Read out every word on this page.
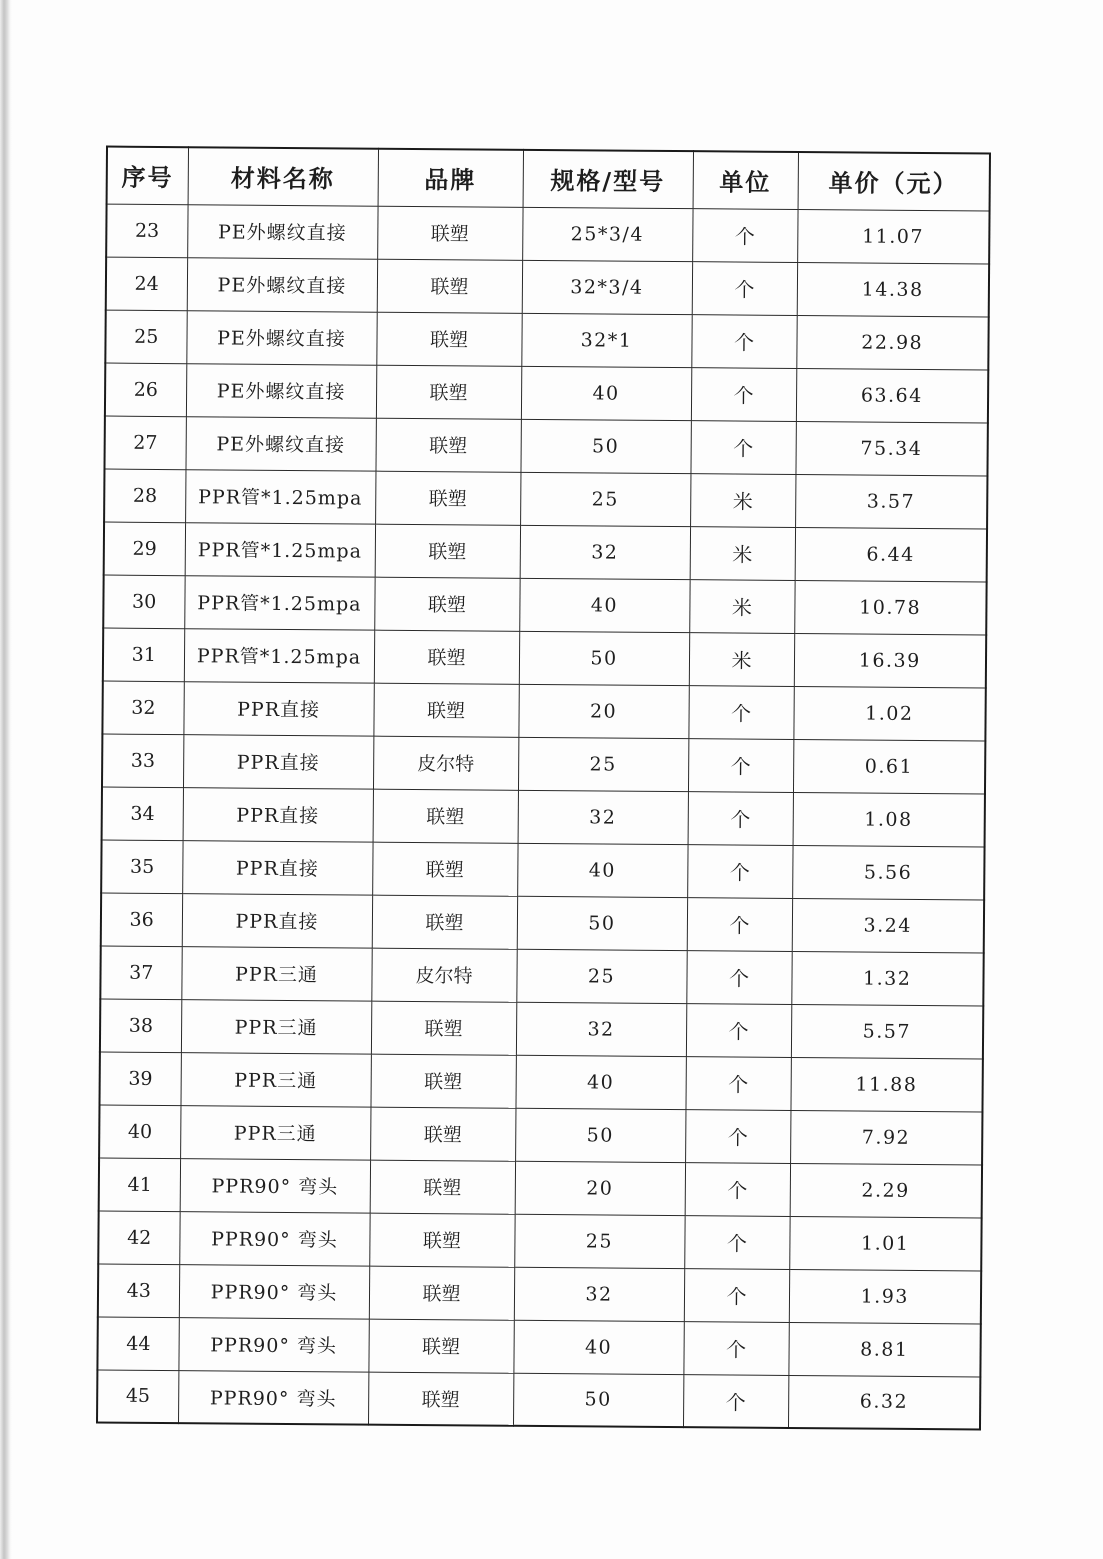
序号	材料名称	品牌	规格/型号	单位	单价（元）
23	PE外螺纹直接	联塑	25*3/4	个	11.07
24	PE外螺纹直接	联塑	32*3/4	个	14.38
25	PE外螺纹直接	联塑	32*1	个	22.98
26	PE外螺纹直接	联塑	40	个	63.64
27	PE外螺纹直接	联塑	50	个	75.34
28	PPR管*1.25mpa	联塑	25	米	3.57
29	PPR管*1.25mpa	联塑	32	米	6.44
30	PPR管*1.25mpa	联塑	40	米	10.78
31	PPR管*1.25mpa	联塑	50	米	16.39
32	PPR直接	联塑	20	个	1.02
33	PPR直接	皮尔特	25	个	0.61
34	PPR直接	联塑	32	个	1.08
35	PPR直接	联塑	40	个	5.56
36	PPR直接	联塑	50	个	3.24
37	PPR三通	皮尔特	25	个	1.32
38	PPR三通	联塑	32	个	5.57
39	PPR三通	联塑	40	个	11.88
40	PPR三通	联塑	50	个	7.92
41	PPR90° 弯头	联塑	20	个	2.29
42	PPR90° 弯头	联塑	25	个	1.01
43	PPR90° 弯头	联塑	32	个	1.93
44	PPR90° 弯头	联塑	40	个	8.81
45	PPR90° 弯头	联塑	50	个	6.32
